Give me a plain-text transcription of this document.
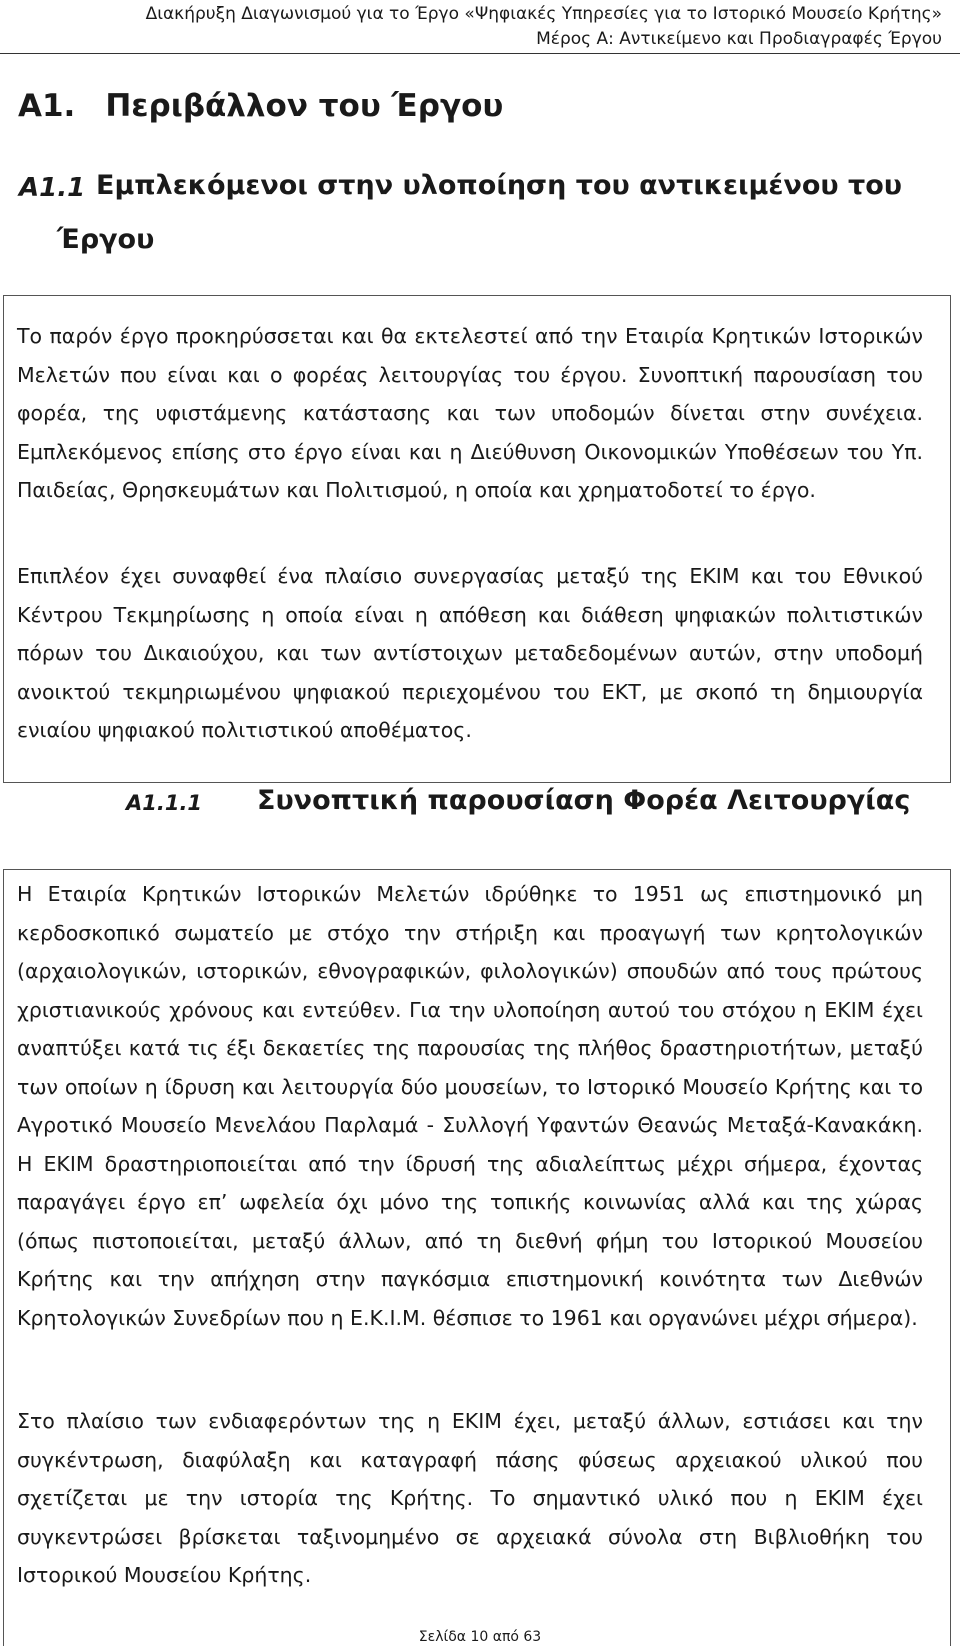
Διακήρυξη Διαγωνισμού για το Έργο «Ψηφιακές Υπηρεσίες για το Ιστορικό Μουσείο Κρήτης»
Μέρος Α: Αντικείμενο και Προδιαγραφές Έργου
Α1. Περιβάλλον του Έργου
Α1.1 Εμπλεκόμενοι στην υλοποίηση του αντικειμένου του
Έργου

Το παρόν έργο προκηρύσσεται και θα εκτελεστεί από την Εταιρία Κρητικών Ιστορικών Μελετών που είναι και ο φορέας λειτουργίας του έργου. Συνοπτική παρουσίαση του φορέα, της υφιστάμενης κατάστασης και των υποδομών δίνεται στην συνέχεια. Εμπλεκόμενος επίσης στο έργο είναι και η Διεύθυνση Οικονομικών Υποθέσεων του Υπ. Παιδείας, Θρησκευμάτων και Πολιτισμού, η οποία και χρηματοδοτεί το έργο.

Επιπλέον έχει συναφθεί ένα πλαίσιο συνεργασίας μεταξύ της ΕΚΙΜ και του Εθνικού Κέντρου Τεκμηρίωσης η οποία είναι η απόθεση και διάθεση ψηφιακών πολιτιστικών πόρων του Δικαιούχου, και των αντίστοιχων μεταδεδομένων αυτών, στην υποδομή ανοικτού τεκμηριωμένου ψηφιακού περιεχομένου του ΕΚΤ, με σκοπό τη δημιουργία ενιαίου ψηφιακού πολιτιστικού αποθέματος.

Α1.1.1 Συνοπτική παρουσίαση Φορέα Λειτουργίας

Η Εταιρία Κρητικών Ιστορικών Μελετών ιδρύθηκε το 1951 ως επιστημονικό μη κερδοσκοπικό σωματείο με στόχο την στήριξη και προαγωγή των κρητολογικών (αρχαιολογικών, ιστορικών, εθνογραφικών, φιλολογικών) σπουδών από τους πρώτους χριστιανικούς χρόνους και εντεύθεν. Για την υλοποίηση αυτού του στόχου η ΕΚΙΜ έχει αναπτύξει κατά τις έξι δεκαετίες της παρουσίας της πλήθος δραστηριοτήτων, μεταξύ των οποίων η ίδρυση και λειτουργία δύο μουσείων, το Ιστορικό Μουσείο Κρήτης και το Αγροτικό Μουσείο Μενελάου Παρλαμά - Συλλογή Υφαντών Θεανώς Μεταξά-Κανακάκη. Η ΕΚΙΜ δραστηριοποιείται από την ίδρυσή της αδιαλείπτως μέχρι σήμερα, έχοντας παραγάγει έργο επ’ ωφελεία όχι μόνο της τοπικής κοινωνίας αλλά και της χώρας (όπως πιστοποιείται, μεταξύ άλλων, από τη διεθνή φήμη του Ιστορικού Μουσείου Κρήτης και την απήχηση στην παγκόσμια επιστημονική κοινότητα των Διεθνών Κρητολογικών Συνεδρίων που η Ε.Κ.Ι.Μ. θέσπισε το 1961 και οργανώνει μέχρι σήμερα).

Στο πλαίσιο των ενδιαφερόντων της η ΕΚΙΜ έχει, μεταξύ άλλων, εστιάσει και την συγκέντρωση, διαφύλαξη και καταγραφή πάσης φύσεως αρχειακού υλικού που σχετίζεται με την ιστορία της Κρήτης. Το σημαντικό υλικό που η ΕΚΙΜ έχει συγκεντρώσει βρίσκεται ταξινομημένο σε αρχειακά σύνολα στη Βιβλιοθήκη του Ιστορικού Μουσείου Κρήτης.

Σελίδα 10 από 63
